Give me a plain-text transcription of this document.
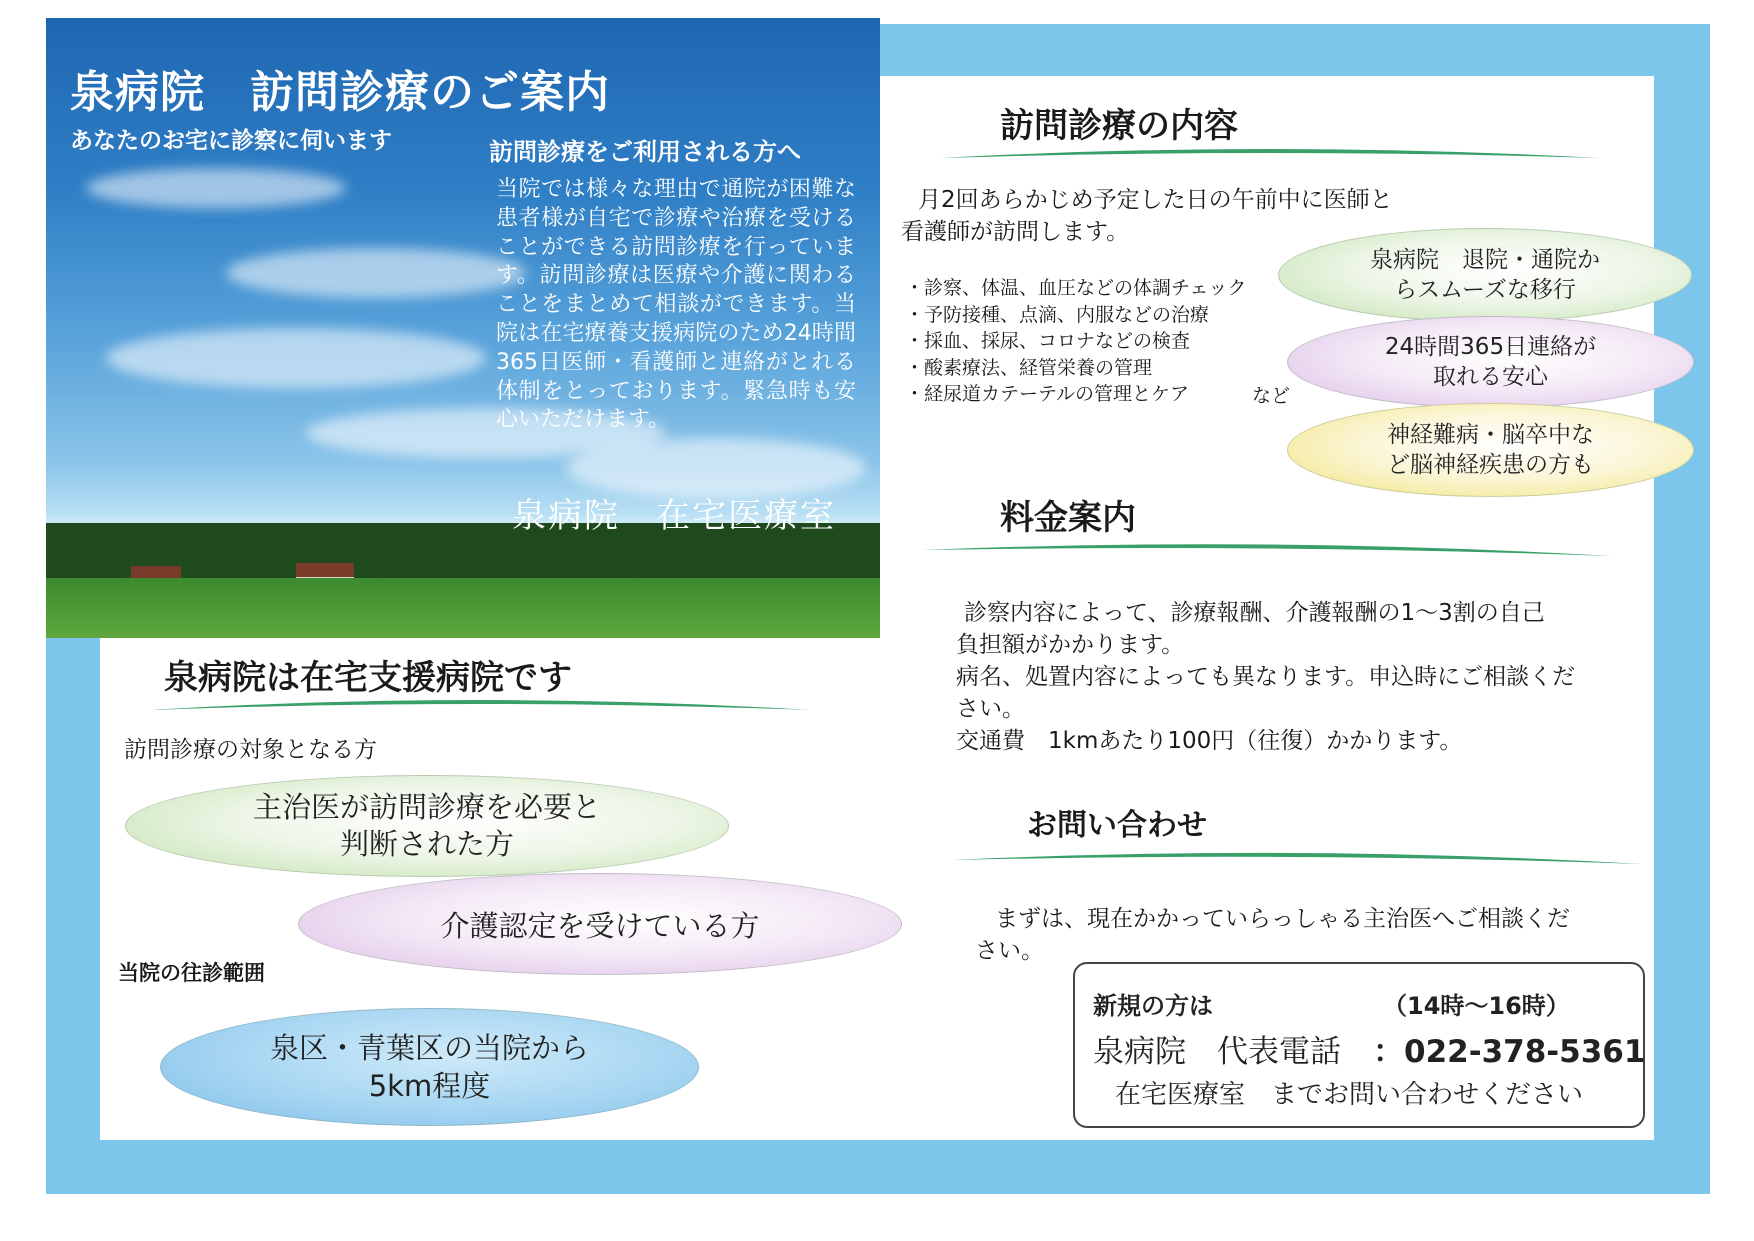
泉病院　訪問診療のご案内
あなたのお宅に診察に伺います	訪問診療をご利用される方へ
当院では様々な理由で通院が困難な患者様が自宅で診療や治療を受けることができる訪問診療を行っています。訪問診療は医療や介護に関わることをまとめて相談ができます。当院は在宅療養支援病院のため24時間365日医師・看護師と連絡がとれる体制をとっております。緊急時も安心いただけます。
泉病院　在宅医療室
泉病院は在宅支援病院です
訪問診療の対象となる方
主治医が訪問診療を必要と
判断された方
介護認定を受けている方
当院の往診範囲
泉区・青葉区の当院から
5km程度
訪問診療の内容
月2回あらかじめ予定した日の午前中に医師と
看護師が訪問します。
・診察、体温、血圧などの体調チェック
・予防接種、点滴、内服などの治療
・採血、採尿、コロナなどの検査
・酸素療法、経管栄養の管理
・経尿道カテーテルの管理とケア	など
泉病院　退院・通院か
らスムーズな移行
24時間365日連絡が
取れる安心
神経難病・脳卒中な
ど脳神経疾患の方も
料金案内
診察内容によって、診療報酬、介護報酬の1～3割の自己
負担額がかかります。
病名、処置内容によっても異なります。申込時にご相談くだ
さい。
交通費　1kmあたり100円（往復）かかります。
お問い合わせ
まずは、現在かかっていらっしゃる主治医へご相談くだ
さい。
新規の方は	（14時～16時）
泉病院　代表電話 ：022-378-5361
在宅医療室　までお問い合わせください
